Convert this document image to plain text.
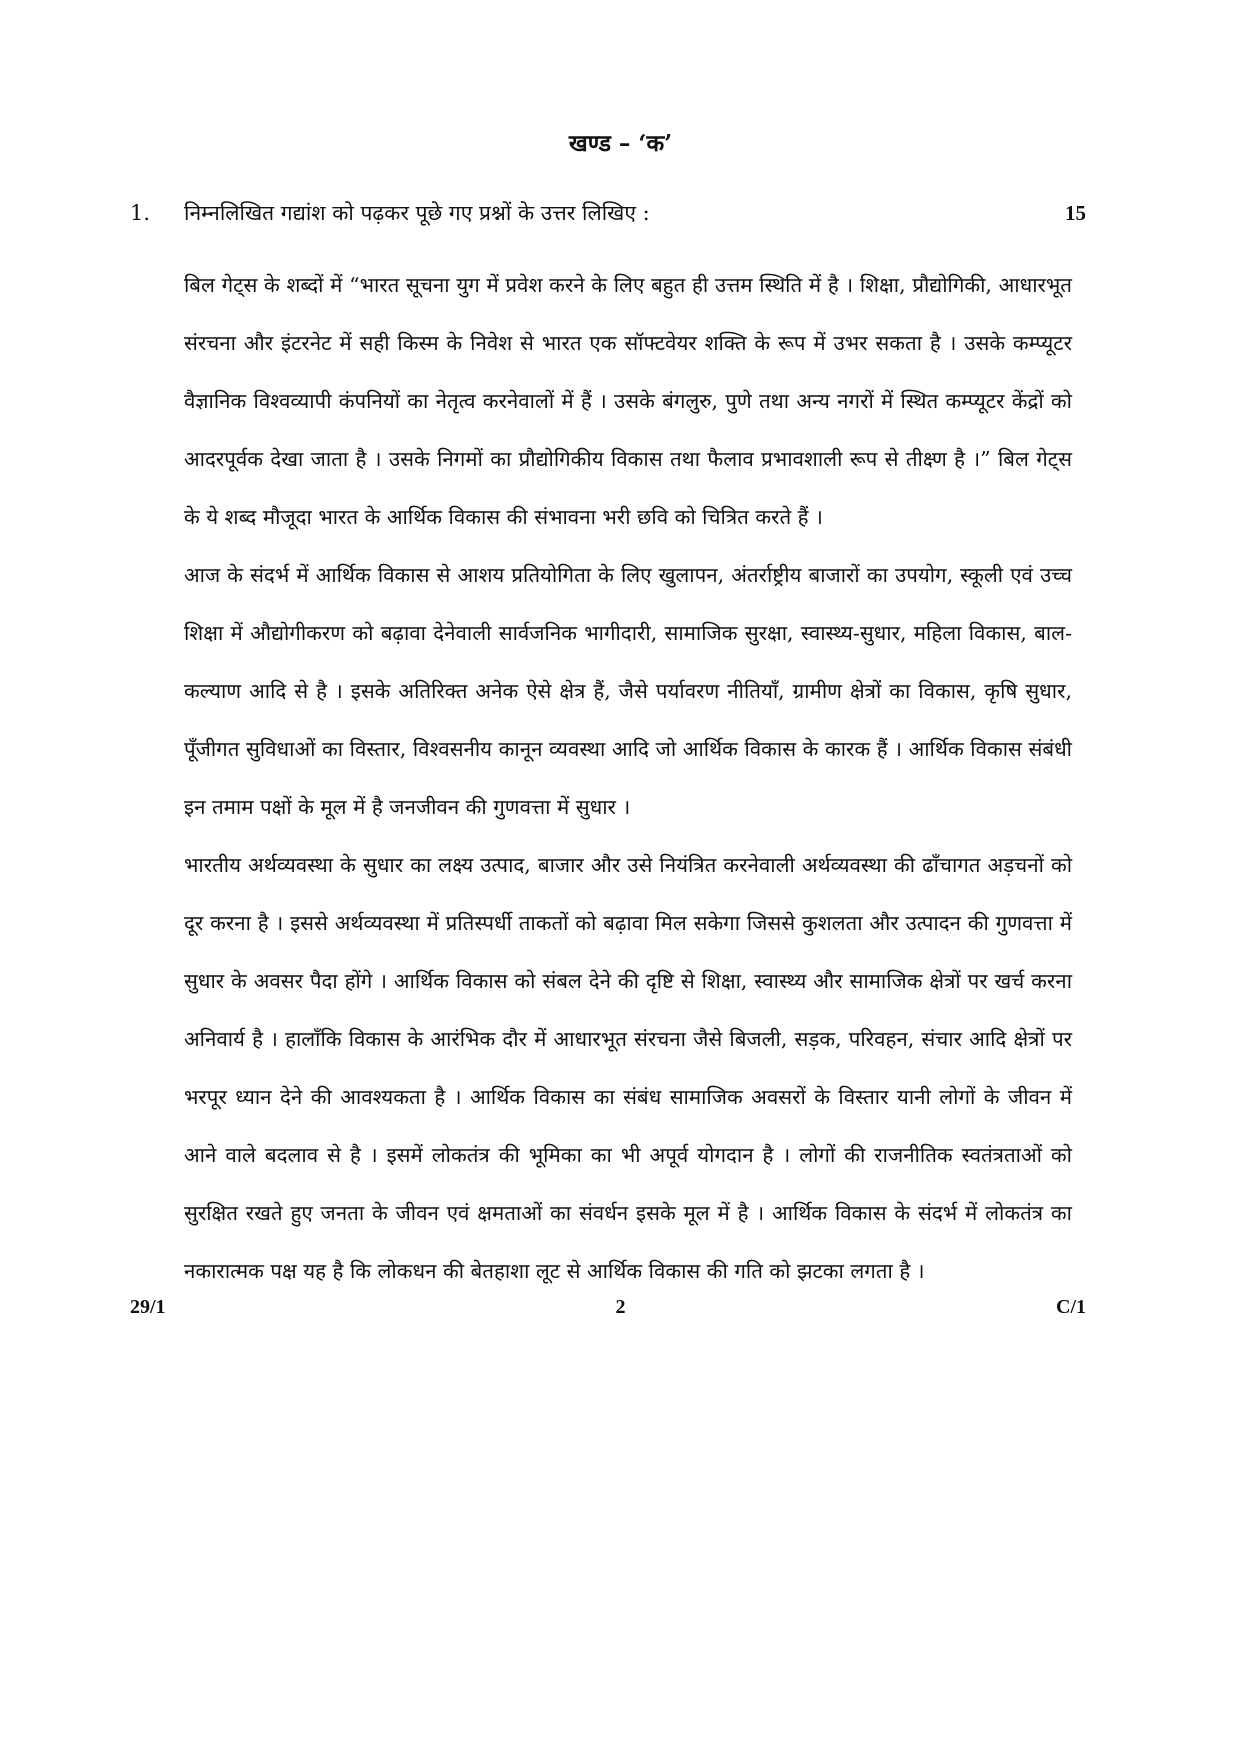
खण्ड – ‘क’
1. निम्नलिखित गद्यांश को पढ़कर पूछे गए प्रश्नों के उत्तर लिखिए :	15

बिल गेट्स के शब्दों में “भारत सूचना युग में प्रवेश करने के लिए बहुत ही उत्तम स्थिति में है । शिक्षा, प्रौद्योगिकी, आधारभूत संरचना और इंटरनेट में सही किस्म के निवेश से भारत एक सॉफ्टवेयर शक्ति के रूप में उभर सकता है । उसके कम्प्यूटर वैज्ञानिक विश्वव्यापी कंपनियों का नेतृत्व करनेवालों में हैं । उसके बंगलुरु, पुणे तथा अन्य नगरों में स्थित कम्प्यूटर केंद्रों को आदरपूर्वक देखा जाता है । उसके निगमों का प्रौद्योगिकीय विकास तथा फैलाव प्रभावशाली रूप से तीक्ष्ण है ।” बिल गेट्स के ये शब्द मौजूदा भारत के आर्थिक विकास की संभावना भरी छवि को चित्रित करते हैं ।

आज के संदर्भ में आर्थिक विकास से आशय प्रतियोगिता के लिए खुलापन, अंतर्राष्ट्रीय बाजारों का उपयोग, स्कूली एवं उच्च शिक्षा में औद्योगीकरण को बढ़ावा देनेवाली सार्वजनिक भागीदारी, सामाजिक सुरक्षा, स्वास्थ्य-सुधार, महिला विकास, बाल-कल्याण आदि से है । इसके अतिरिक्त अनेक ऐसे क्षेत्र हैं, जैसे पर्यावरण नीतियाँ, ग्रामीण क्षेत्रों का विकास, कृषि सुधार, पूँजीगत सुविधाओं का विस्तार, विश्वसनीय कानून व्यवस्था आदि जो आर्थिक विकास के कारक हैं । आर्थिक विकास संबंधी इन तमाम पक्षों के मूल में है जनजीवन की गुणवत्ता में सुधार ।

भारतीय अर्थव्यवस्था के सुधार का लक्ष्य उत्पाद, बाजार और उसे नियंत्रित करनेवाली अर्थव्यवस्था की ढाँचागत अड़चनों को दूर करना है । इससे अर्थव्यवस्था में प्रतिस्पर्धी ताकतों को बढ़ावा मिल सकेगा जिससे कुशलता और उत्पादन की गुणवत्ता में सुधार के अवसर पैदा होंगे । आर्थिक विकास को संबल देने की दृष्टि से शिक्षा, स्वास्थ्य और सामाजिक क्षेत्रों पर खर्च करना अनिवार्य है । हालाँकि विकास के आरंभिक दौर में आधारभूत संरचना जैसे बिजली, सड़क, परिवहन, संचार आदि क्षेत्रों पर भरपूर ध्यान देने की आवश्यकता है । आर्थिक विकास का संबंध सामाजिक अवसरों के विस्तार यानी लोगों के जीवन में आने वाले बदलाव से है । इसमें लोकतंत्र की भूमिका का भी अपूर्व योगदान है । लोगों की राजनीतिक स्वतंत्रताओं को सुरक्षित रखते हुए जनता के जीवन एवं क्षमताओं का संवर्धन इसके मूल में है । आर्थिक विकास के संदर्भ में लोकतंत्र का नकारात्मक पक्ष यह है कि लोकधन की बेतहाशा लूट से आर्थिक विकास की गति को झटका लगता है ।

29/1	2	C/1
